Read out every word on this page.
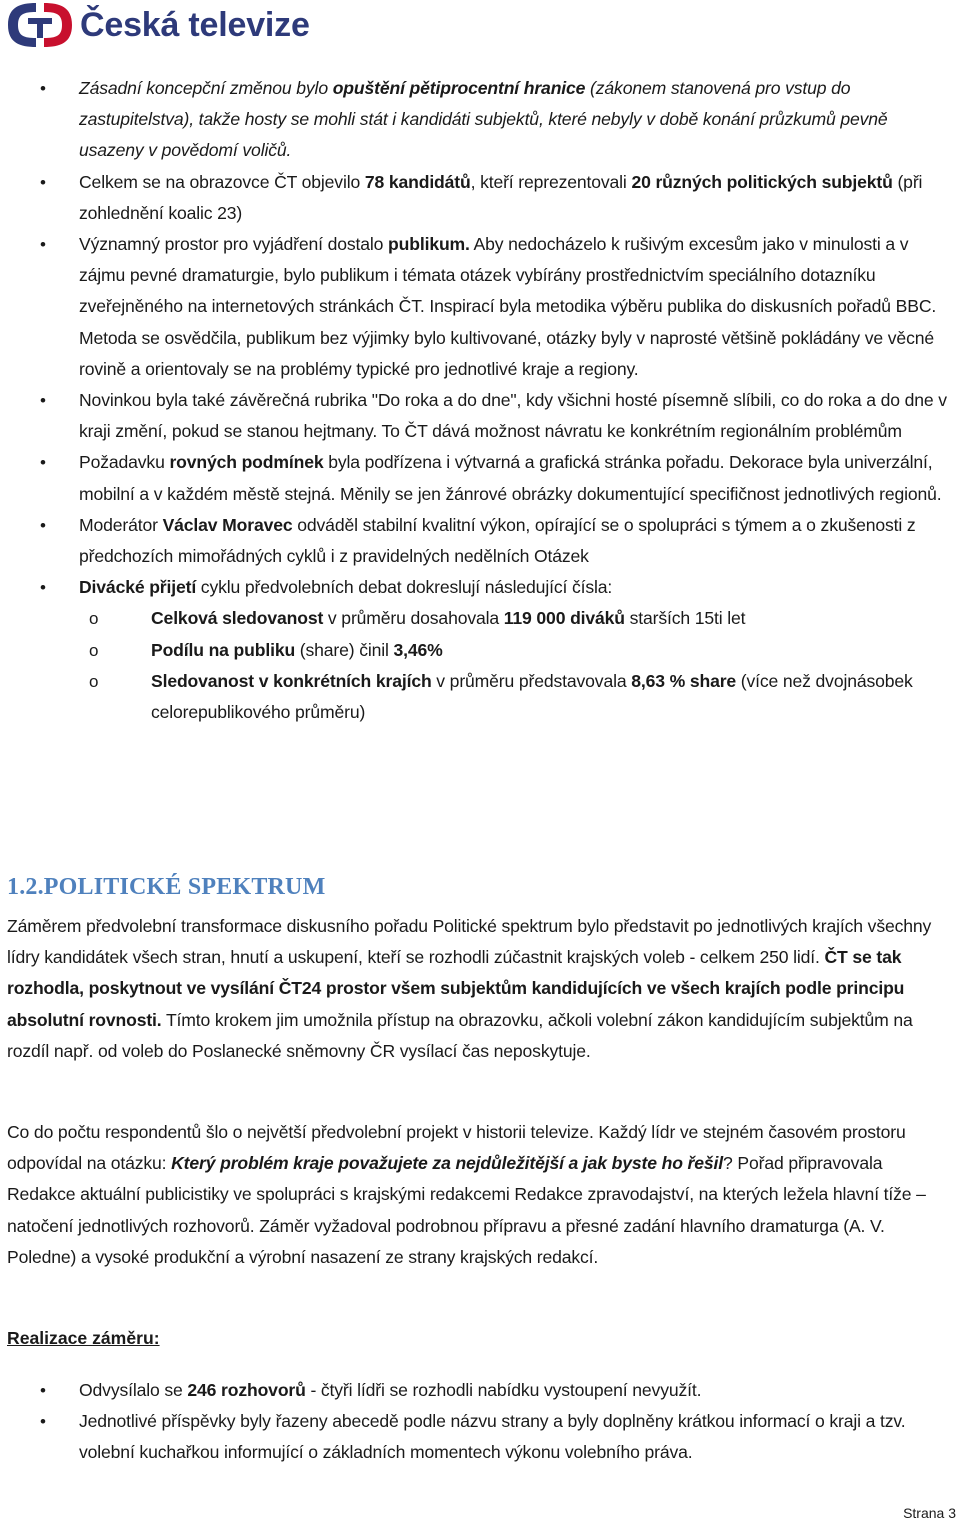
Česká televize
• Zásadní koncepční změnou bylo opuštění pětiprocentní hranice (zákonem stanovená pro vstup do zastupitelstva), takže hosty se mohli stát i kandidáti subjektů, které nebyly v době konání průzkumů pevně usazeny v povědomí voličů.
• Celkem se na obrazovce ČT objevilo 78 kandidátů, kteří reprezentovali 20 různých politických subjektů (při zohlednění koalic 23)
• Významný prostor pro vyjádření dostalo publikum. Aby nedocházelo k rušivým excesům jako v minulosti a v zájmu pevné dramaturgie, bylo publikum i témata otázek vybírány prostřednictvím speciálního dotazníku zveřejněného na internetových stránkách ČT. Inspirací byla metodika výběru publika do diskusních pořadů BBC. Metoda se osvědčila, publikum bez výjimky bylo kultivované, otázky byly v naprosté většině pokládány ve věcné rovině a orientovaly se na problémy typické pro jednotlivé kraje a regiony.
• Novinkou byla také závěrečná rubrika "Do roka a do dne", kdy všichni hosté písemně slíbili, co do roka a do dne v kraji změní, pokud se stanou hejtmany. To ČT dává možnost návratu ke konkrétním regionálním problémům
• Požadavku rovných podmínek byla podřízena i výtvarná a grafická stránka pořadu. Dekorace byla univerzální, mobilní a v každém městě stejná. Měnily se jen žánrové obrázky dokumentující specifičnost jednotlivých regionů.
• Moderátor Václav Moravec odváděl stabilní kvalitní výkon, opírající se o spolupráci s týmem a o zkušenosti z předchozích mimořádných cyklů i z pravidelných nedělních Otázek
• Divácké přijetí cyklu předvolebních debat dokreslují následující čísla:
o Celková sledovanost v průměru dosahovala 119 000 diváků starších 15ti let
o Podílu na publiku (share) činil 3,46%
o Sledovanost v konkrétních krajích v průměru představovala 8,63 % share (více než dvojnásobek celorepublikového průměru)
1.2.POLITICKÉ SPEKTRUM

Záměrem předvolební transformace diskusního pořadu Politické spektrum bylo představit po jednotlivých krajích všechny lídry kandidátek všech stran, hnutí a uskupení, kteří se rozhodli zúčastnit krajských voleb - celkem 250 lidí. ČT se tak rozhodla, poskytnout ve vysílání ČT24 prostor všem subjektům kandidujících ve všech krajích podle principu absolutní rovnosti. Tímto krokem jim umožnila přístup na obrazovku, ačkoli volební zákon kandidujícím subjektům na rozdíl např. od voleb do Poslanecké sněmovny ČR vysílací čas neposkytuje.

Co do počtu respondentů šlo o největší předvolební projekt v historii televize. Každý lídr ve stejném časovém prostoru odpovídal na otázku: Který problém kraje považujete za nejdůležitější a jak byste ho řešil? Pořad připravovala Redakce aktuální publicistiky ve spolupráci s krajskými redakcemi Redakce zpravodajství, na kterých ležela hlavní tíže – natočení jednotlivých rozhovorů. Záměr vyžadoval podrobnou přípravu a přesné zadání hlavního dramaturga (A. V. Poledne) a vysoké produkční a výrobní nasazení ze strany krajských redakcí.

Realizace záměru:
• Odvysílalo se 246 rozhovorů - čtyři lídři se rozhodli nabídku vystoupení nevyužít.
• Jednotlivé příspěvky byly řazeny abecedě podle názvu strany a byly doplněny krátkou informací o kraji a tzv. volební kuchařkou informující o základních momentech výkonu volebního práva.
Strana 3
